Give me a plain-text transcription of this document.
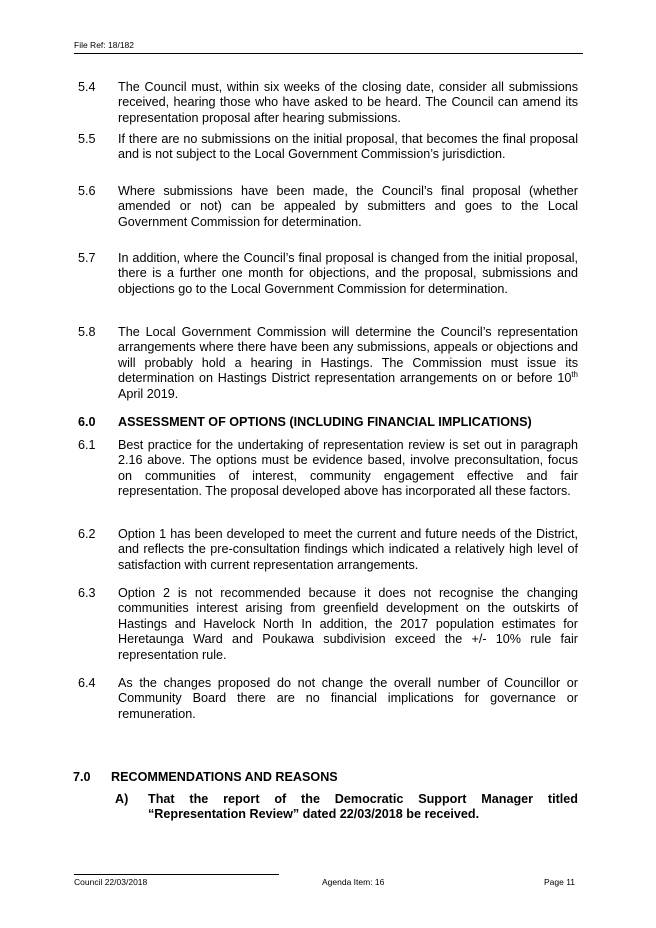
File Ref: 18/182
5.4 The Council must, within six weeks of the closing date, consider all submissions received, hearing those who have asked to be heard. The Council can amend its representation proposal after hearing submissions.
5.5 If there are no submissions on the initial proposal, that becomes the final proposal and is not subject to the Local Government Commission’s jurisdiction.
5.6 Where submissions have been made, the Council’s final proposal (whether amended or not) can be appealed by submitters and goes to the Local Government Commission for determination.
5.7 In addition, where the Council’s final proposal is changed from the initial proposal, there is a further one month for objections, and the proposal, submissions and objections go to the Local Government Commission for determination.
5.8 The Local Government Commission will determine the Council’s representation arrangements where there have been any submissions, appeals or objections and will probably hold a hearing in Hastings. The Commission must issue its determination on Hastings District representation arrangements on or before 10th April 2019.
6.0 ASSESSMENT OF OPTIONS (INCLUDING FINANCIAL IMPLICATIONS)
6.1 Best practice for the undertaking of representation review is set out in paragraph 2.16 above. The options must be evidence based, involve preconsultation, focus on communities of interest, community engagement effective and fair representation. The proposal developed above has incorporated all these factors.
6.2 Option 1 has been developed to meet the current and future needs of the District, and reflects the pre-consultation findings which indicated a relatively high level of satisfaction with current representation arrangements.
6.3 Option 2 is not recommended because it does not recognise the changing communities interest arising from greenfield development on the outskirts of Hastings and Havelock North In addition, the 2017 population estimates for Heretaunga Ward and Poukawa subdivision exceed the +/- 10% rule fair representation rule.
6.4 As the changes proposed do not change the overall number of Councillor or Community Board there are no financial implications for governance or remuneration.
7.0 RECOMMENDATIONS AND REASONS
A) That the report of the Democratic Support Manager titled “Representation Review” dated 22/03/2018 be received.
Council 22/03/2018	Agenda Item: 16	Page 11
